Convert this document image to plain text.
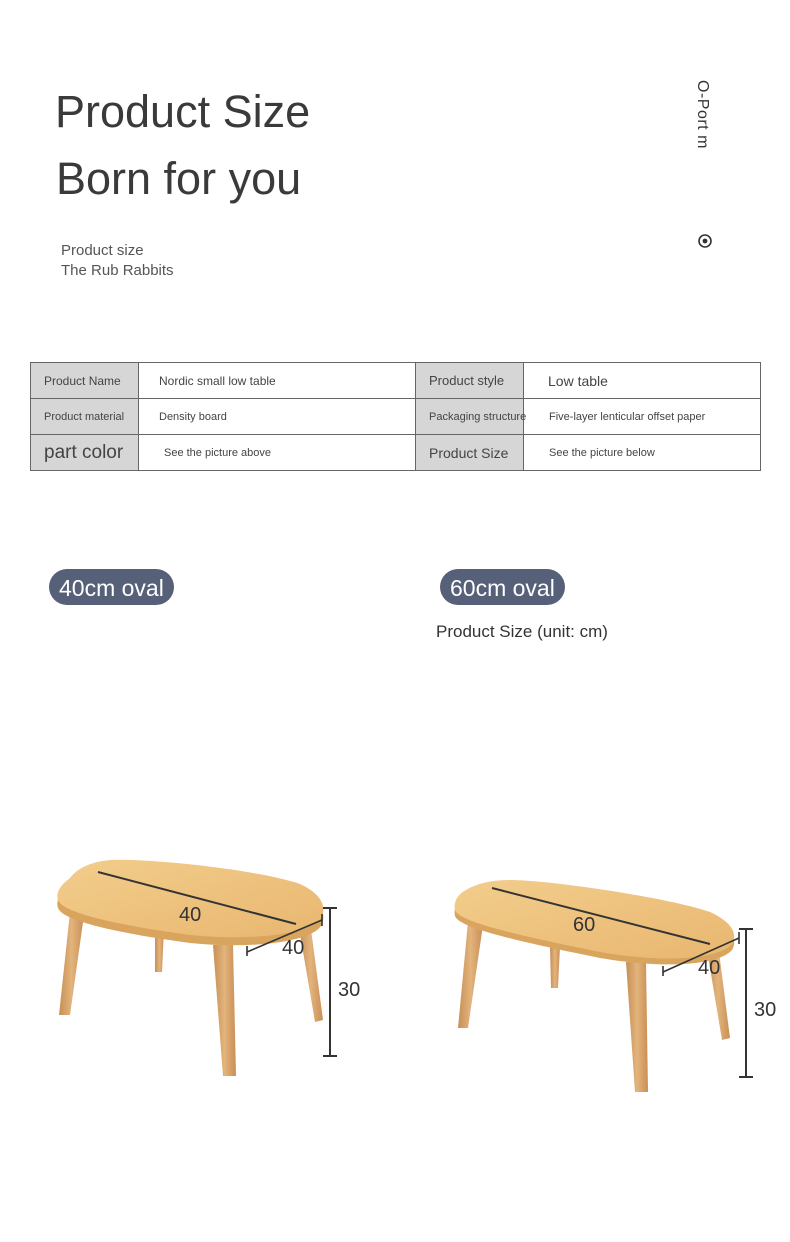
Product Size
Born for you
Product size
The Rub Rabbits
O-Port m
Product Name	Nordic small low table	Product style	Low table
Product material	Density board	Packaging structure	Five-layer lenticular offset paper
part color	See the picture above	Product Size	See the picture below
40cm oval	60cm oval
Product Size (unit: cm)
40
40
30
60
40
30
